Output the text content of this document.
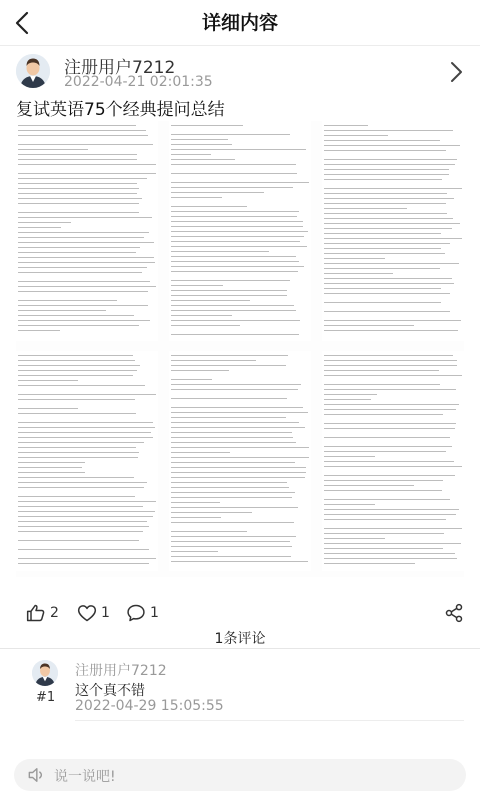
详细内容
注册用户7212
2022-04-21 02:01:35
复试英语75个经典提问总结
2	1	1
1条评论
#1
注册用户7212
这个真不错
2022-04-29 15:05:55
说一说吧!
